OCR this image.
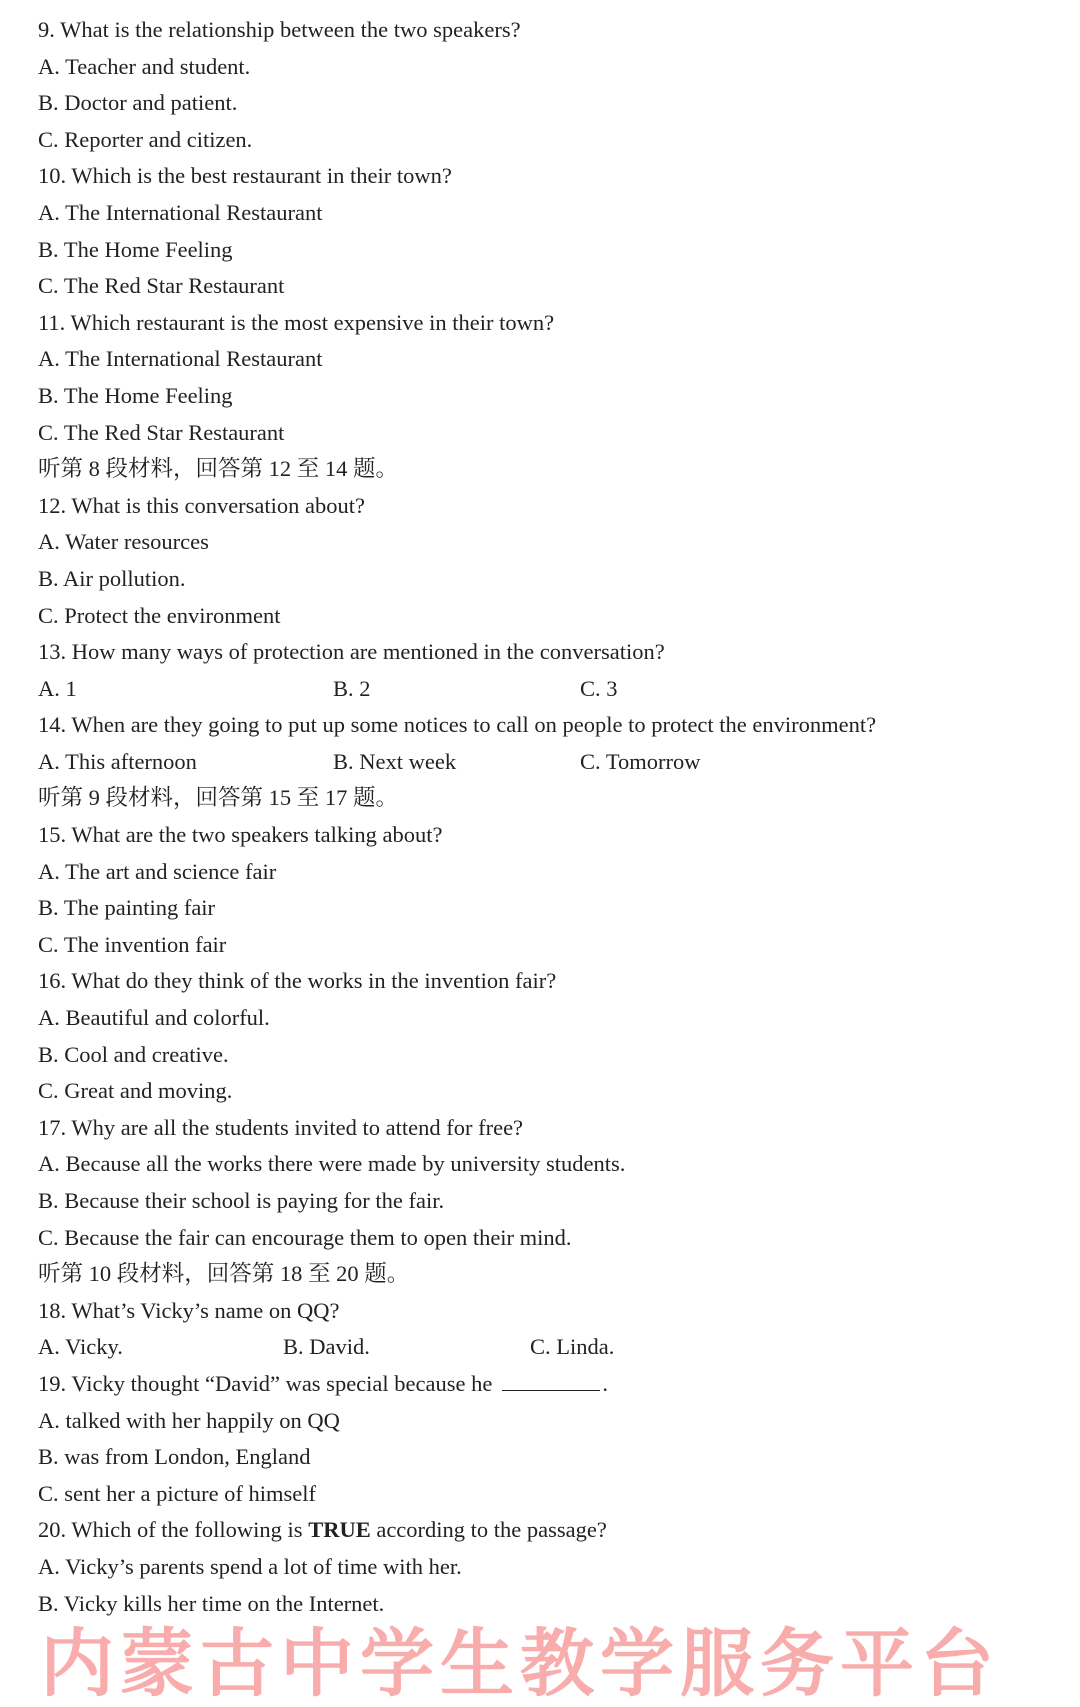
9. What is the relationship between the two speakers?
A. Teacher and student.
B. Doctor and patient.
C. Reporter and citizen.
10. Which is the best restaurant in their town?
A. The International Restaurant
B. The Home Feeling
C. The Red Star Restaurant
11. Which restaurant is the most expensive in their town?
A. The International Restaurant
B. The Home Feeling
C. The Red Star Restaurant
听第 8 段材料，回答第 12 至 14 题。
12. What is this conversation about?
A. Water resources
B. Air pollution.
C. Protect the environment
13. How many ways of protection are mentioned in the conversation?
A. 1	B. 2	C. 3
14. When are they going to put up some notices to call on people to protect the environment?
A. This afternoon	B. Next week	C. Tomorrow
听第 9 段材料，回答第 15 至 17 题。
15. What are the two speakers talking about?
A. The art and science fair
B. The painting fair
C. The invention fair
16. What do they think of the works in the invention fair?
A. Beautiful and colorful.
B. Cool and creative.
C. Great and moving.
17. Why are all the students invited to attend for free?
A. Because all the works there were made by university students.
B. Because their school is paying for the fair.
C. Because the fair can encourage them to open their mind.
听第 10 段材料，回答第 18 至 20 题。
18. What’s Vicky’s name on QQ?
A. Vicky.	B. David.	C. Linda.
19. Vicky thought “David” was special because he	.
A. talked with her happily on QQ
B. was from London, England
C. sent her a picture of himself
20. Which of the following is TRUE according to the passage?
A. Vicky’s parents spend a lot of time with her.
B. Vicky kills her time on the Internet.
内蒙古中学生教学服务平台
